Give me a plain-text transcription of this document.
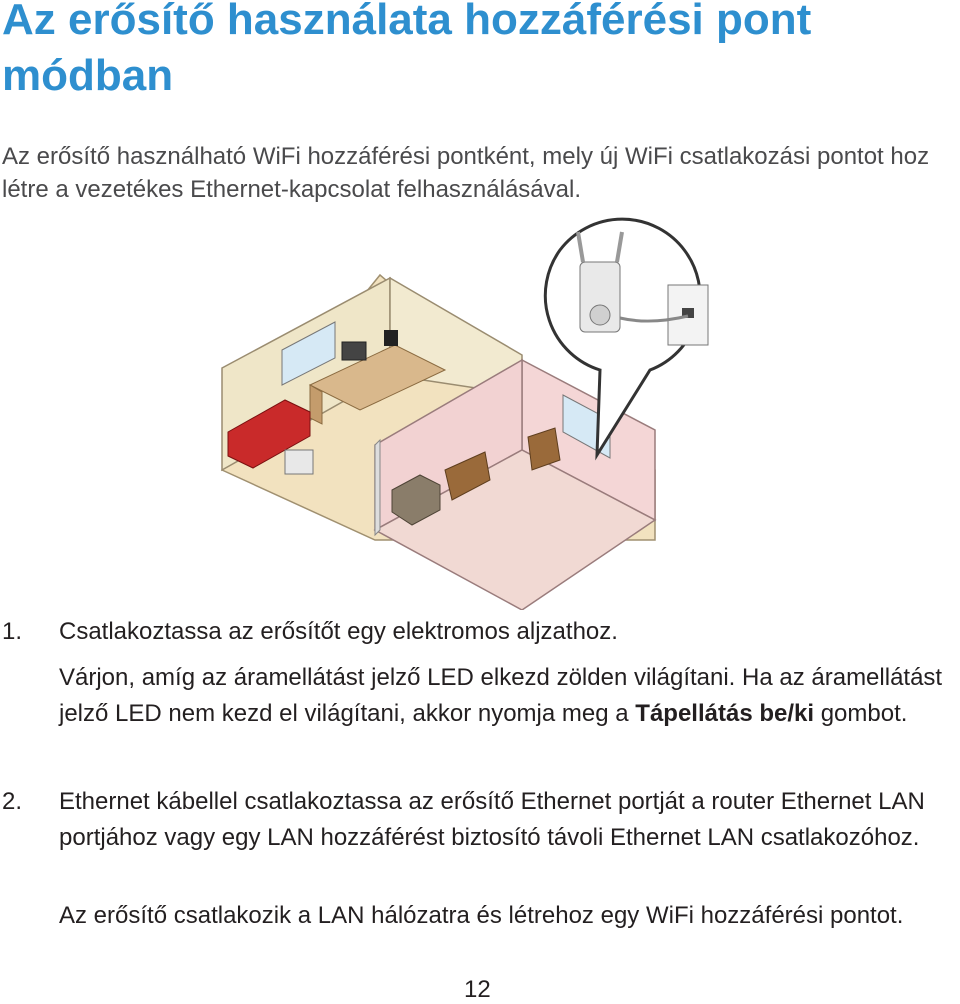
Az erősítő használata hozzáférési pont módban

Az erősítő használható WiFi hozzáférési pontként, mely új WiFi csatlakozási pontot hoz létre a vezetékes Ethernet-kapcsolat felhasználásával.

1. Csatlakoztassa az erősítőt egy elektromos aljzathoz.

Várjon, amíg az áramellátást jelző LED elkezd zölden világítani. Ha az áramellátást jelző LED nem kezd el világítani, akkor nyomja meg a Tápellátás be/ki gombot.

2. Ethernet kábellel csatlakoztassa az erősítő Ethernet portját a router Ethernet LAN portjához vagy egy LAN hozzáférést biztosító távoli Ethernet LAN csatlakozóhoz.

Az erősítő csatlakozik a LAN hálózatra és létrehoz egy WiFi hozzáférési pontot.

12
